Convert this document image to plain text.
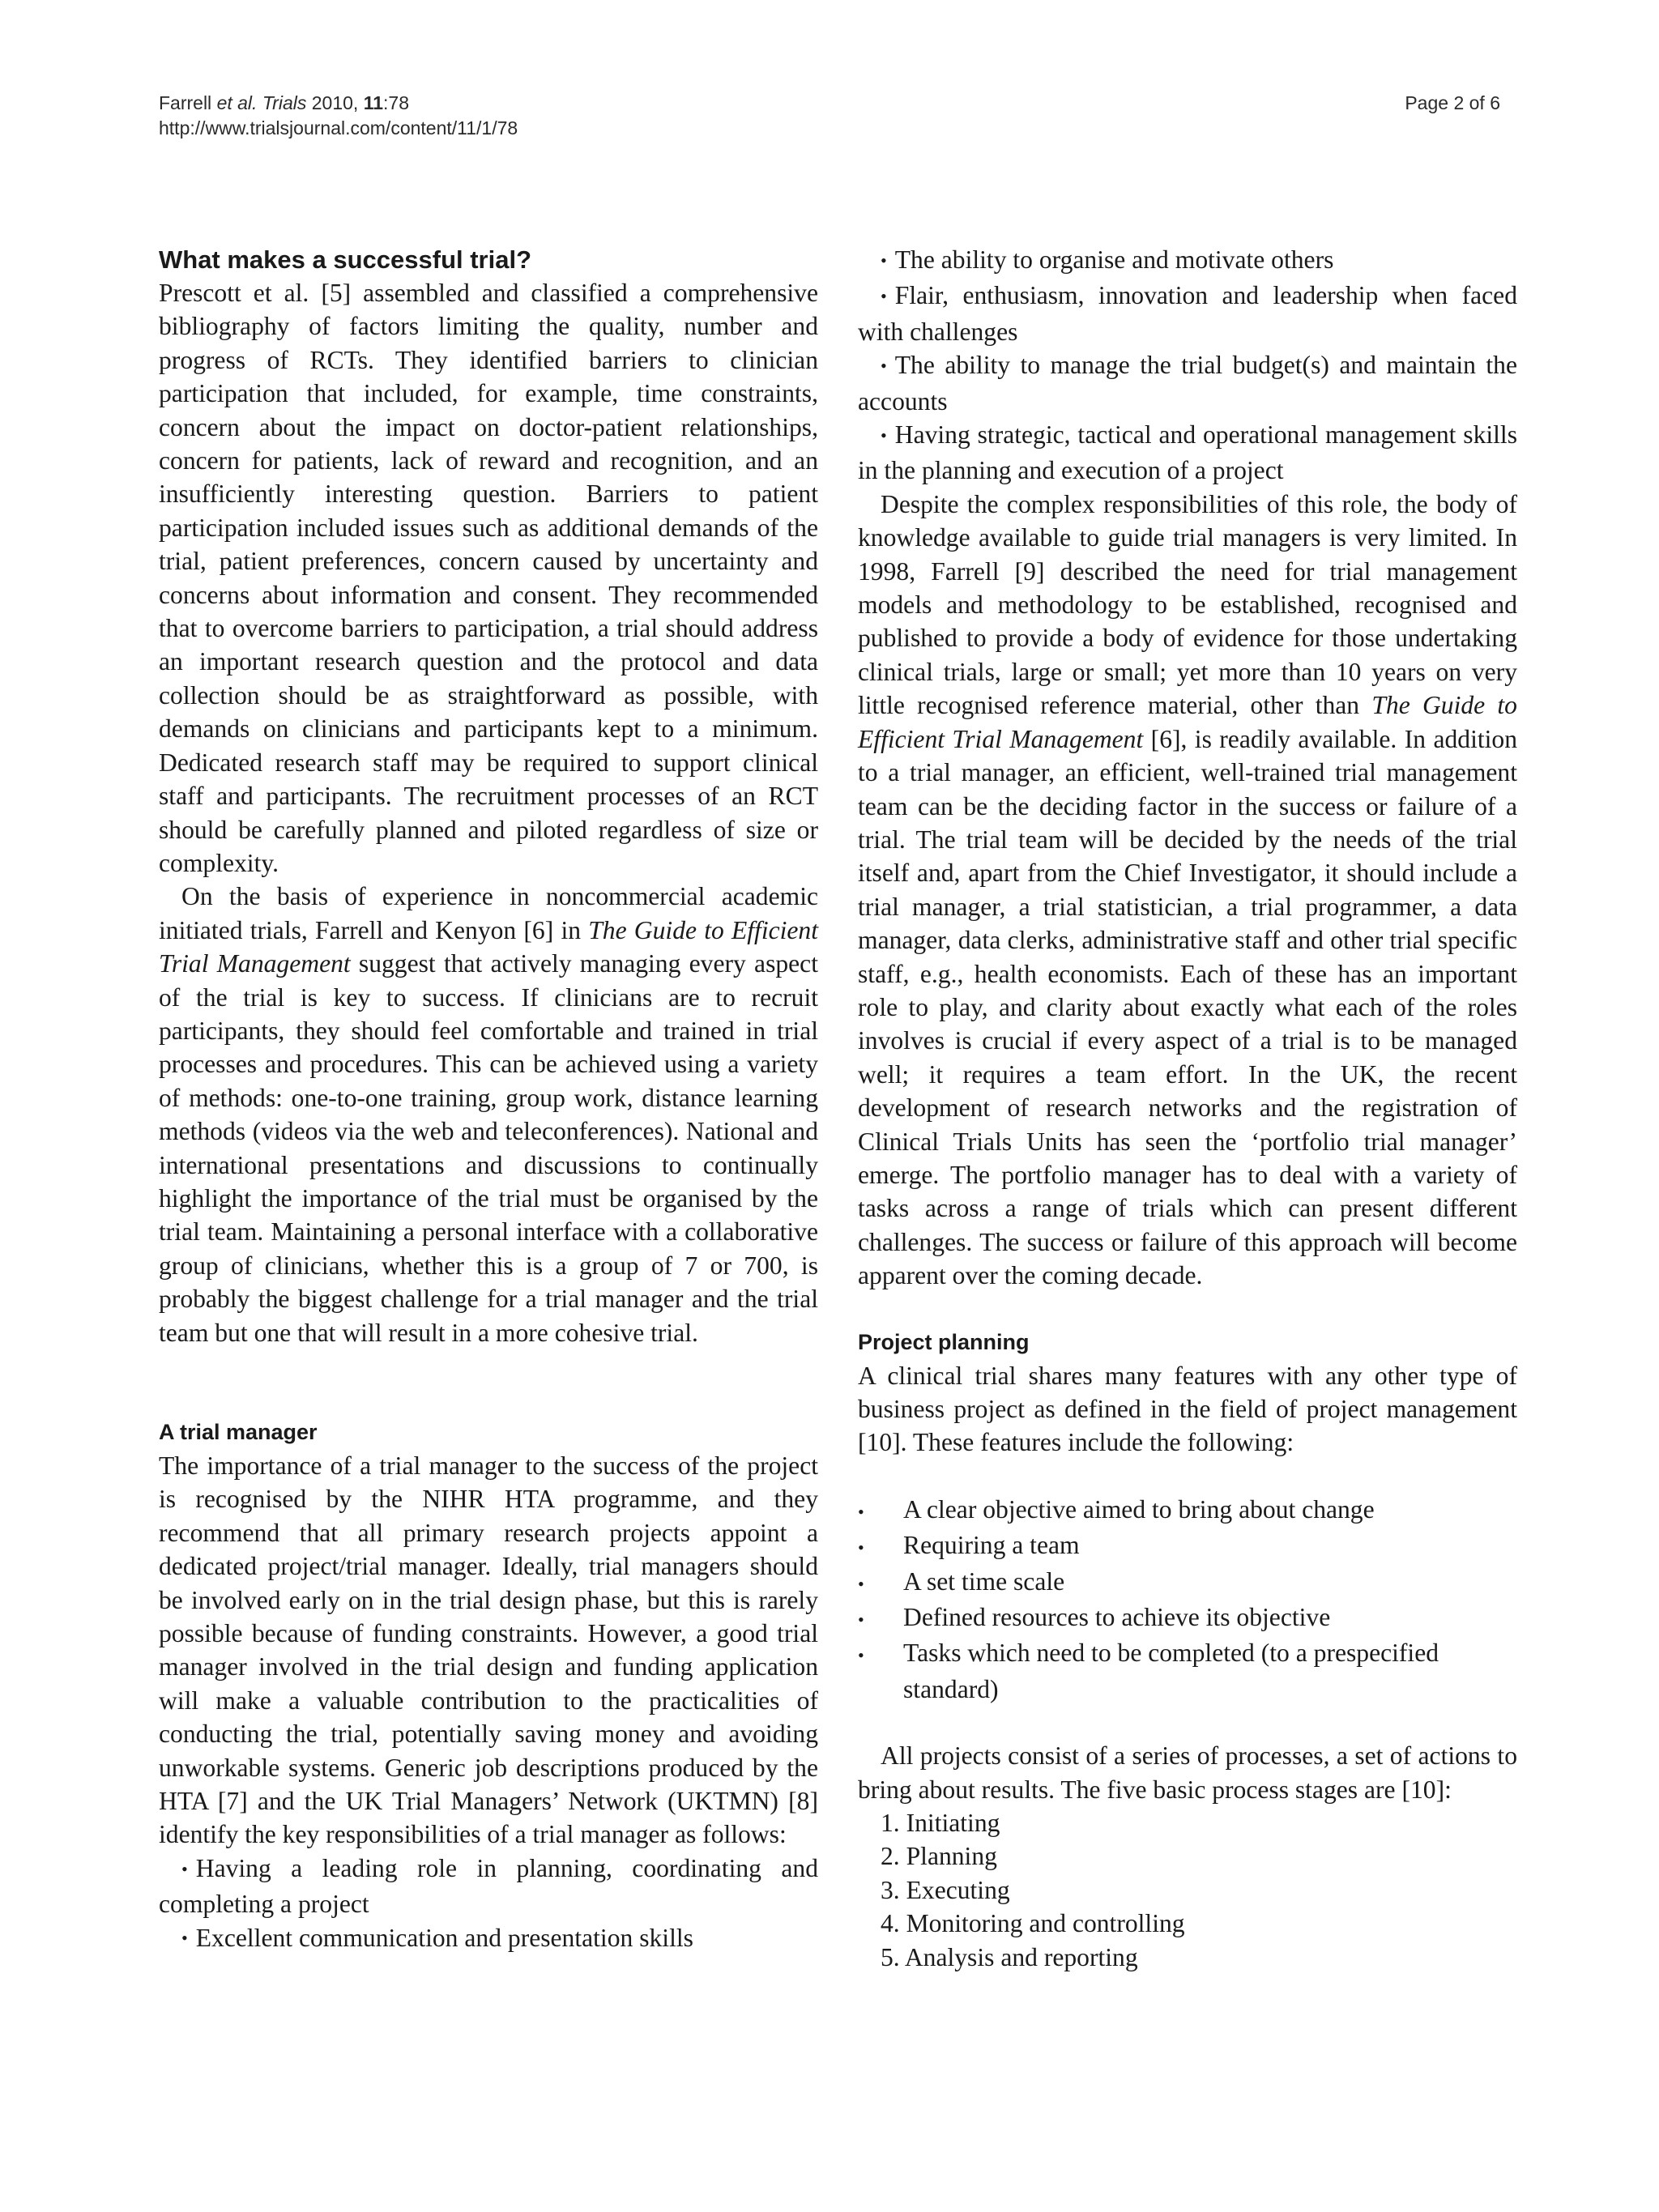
Farrell et al. Trials 2010, 11:78
http://www.trialsjournal.com/content/11/1/78
Page 2 of 6
What makes a successful trial?

Prescott et al. [5] assembled and classified a comprehensive bibliography of factors limiting the quality, number and progress of RCTs. They identified barriers to clinician participation that included, for example, time constraints, concern about the impact on doctor-patient relationships, concern for patients, lack of reward and recognition, and an insufficiently interesting question. Barriers to patient participation included issues such as additional demands of the trial, patient preferences, concern caused by uncertainty and concerns about information and consent. They recommended that to overcome barriers to participation, a trial should address an important research question and the protocol and data collection should be as straightforward as possible, with demands on clinicians and participants kept to a minimum. Dedicated research staff may be required to support clinical staff and participants. The recruitment processes of an RCT should be carefully planned and piloted regardless of size or complexity.

On the basis of experience in noncommercial academic initiated trials, Farrell and Kenyon [6] in The Guide to Efficient Trial Management suggest that actively managing every aspect of the trial is key to success. If clinicians are to recruit participants, they should feel comfortable and trained in trial processes and procedures. This can be achieved using a variety of methods: one-to-one training, group work, distance learning methods (videos via the web and teleconferences). National and international presentations and discussions to continually highlight the importance of the trial must be organised by the trial team. Maintaining a personal interface with a collaborative group of clinicians, whether this is a group of 7 or 700, is probably the biggest challenge for a trial manager and the trial team but one that will result in a more cohesive trial.

A trial manager

The importance of a trial manager to the success of the project is recognised by the NIHR HTA programme, and they recommend that all primary research projects appoint a dedicated project/trial manager. Ideally, trial managers should be involved early on in the trial design phase, but this is rarely possible because of funding constraints. However, a good trial manager involved in the trial design and funding application will make a valuable contribution to the practicalities of conducting the trial, potentially saving money and avoiding unworkable systems. Generic job descriptions produced by the HTA [7] and the UK Trial Managers’ Network (UKTMN) [8] identify the key responsibilities of a trial manager as follows:

• Having a leading role in planning, coordinating and completing a project

• Excellent communication and presentation skills

• The ability to organise and motivate others

• Flair, enthusiasm, innovation and leadership when faced with challenges

• The ability to manage the trial budget(s) and maintain the accounts

• Having strategic, tactical and operational management skills in the planning and execution of a project

Despite the complex responsibilities of this role, the body of knowledge available to guide trial managers is very limited. In 1998, Farrell [9] described the need for trial management models and methodology to be established, recognised and published to provide a body of evidence for those undertaking clinical trials, large or small; yet more than 10 years on very little recognised reference material, other than The Guide to Efficient Trial Management [6], is readily available. In addition to a trial manager, an efficient, well-trained trial management team can be the deciding factor in the success or failure of a trial. The trial team will be decided by the needs of the trial itself and, apart from the Chief Investigator, it should include a trial manager, a trial statistician, a trial programmer, a data manager, data clerks, administrative staff and other trial specific staff, e.g., health economists. Each of these has an important role to play, and clarity about exactly what each of the roles involves is crucial if every aspect of a trial is to be managed well; it requires a team effort. In the UK, the recent development of research networks and the registration of Clinical Trials Units has seen the ‘portfolio trial manager’ emerge. The portfolio manager has to deal with a variety of tasks across a range of trials which can present different challenges. The success or failure of this approach will become apparent over the coming decade.

Project planning

A clinical trial shares many features with any other type of business project as defined in the field of project management [10]. These features include the following:

• A clear objective aimed to bring about change

• Requiring a team

• A set time scale

• Defined resources to achieve its objective

• Tasks which need to be completed (to a prespecified standard)

All projects consist of a series of processes, a set of actions to bring about results. The five basic process stages are [10]:

1. Initiating

2. Planning

3. Executing

4. Monitoring and controlling

5. Analysis and reporting
